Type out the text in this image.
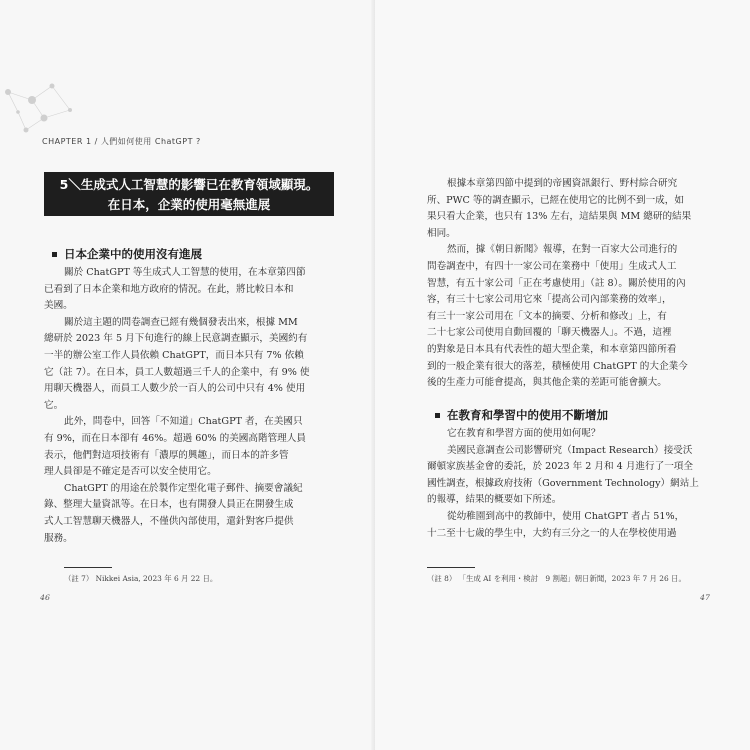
CHAPTER 1 / 人們如何使用 ChatGPT ?
5＼生成式人工智慧的影響已在教育領域顯現。
在日本，企業的使用毫無進展
日本企業中的使用沒有進展
關於 ChatGPT 等生成式人工智慧的使用，在本章第四節
已看到了日本企業和地方政府的情況。在此，將比較日本和
美國。
關於這主題的問卷調查已經有幾個發表出來，根據 MM
總研於 2023 年 5 月下旬進行的線上民意調查顯示，美國約有
一半的辦公室工作人員依賴 ChatGPT，而日本只有 7% 依賴
它（註 7）。在日本，員工人數超過三千人的企業中，有 9% 使
用聊天機器人，而員工人數少於一百人的公司中只有 4% 使用
它。
此外，問卷中，回答「不知道」ChatGPT 者，在美國只
有 9%，而在日本卻有 46%。超過 60% 的美國高階管理人員
表示，他們對這項技術有「濃厚的興趣」，而日本的許多管
理人員卻是不確定是否可以安全使用它。
ChatGPT 的用途在於製作定型化電子郵件、摘要會議紀
錄、整理大量資訊等。在日本，也有開發人員正在開發生成
式人工智慧聊天機器人，不僅供內部使用，還針對客戶提供
服務。
（註 7） Nikkei Asia, 2023 年 6 月 22 日。
46
根據本章第四節中提到的帝國資訊銀行、野村綜合研究
所、PWC 等的調查顯示，已經在使用它的比例不到一成，如
果只看大企業，也只有 13% 左右，這結果與 MM 總研的結果
相同。
然而，據《朝日新聞》報導，在對一百家大公司進行的
問卷調查中，有四十一家公司在業務中「使用」生成式人工
智慧，有五十家公司「正在考慮使用」（註 8）。關於使用的內
容，有三十七家公司用它來「提高公司內部業務的效率」，
有三十一家公司用在「文本的摘要、分析和修改」上，有
二十七家公司使用自動回覆的「聊天機器人」。不過，這裡
的對象是日本具有代表性的超大型企業，和本章第四節所看
到的一般企業有很大的落差，積極使用 ChatGPT 的大企業今
後的生產力可能會提高，與其他企業的差距可能會擴大。
在教育和學習中的使用不斷增加
它在教育和學習方面的使用如何呢？
美國民意調查公司影響研究（Impact Research）接受沃
爾頓家族基金會的委託，於 2023 年 2 月和 4 月進行了一項全
國性調查，根據政府技術（Government Technology）網站上
的報導，結果的概要如下所述。
從幼稚園到高中的教師中，使用 ChatGPT 者占 51%，
十二至十七歲的學生中，大約有三分之一的人在學校使用過
（註 8） 「生成 AI を利用・検討　9 割超」朝日新聞，2023 年 7 月 26 日。
47
